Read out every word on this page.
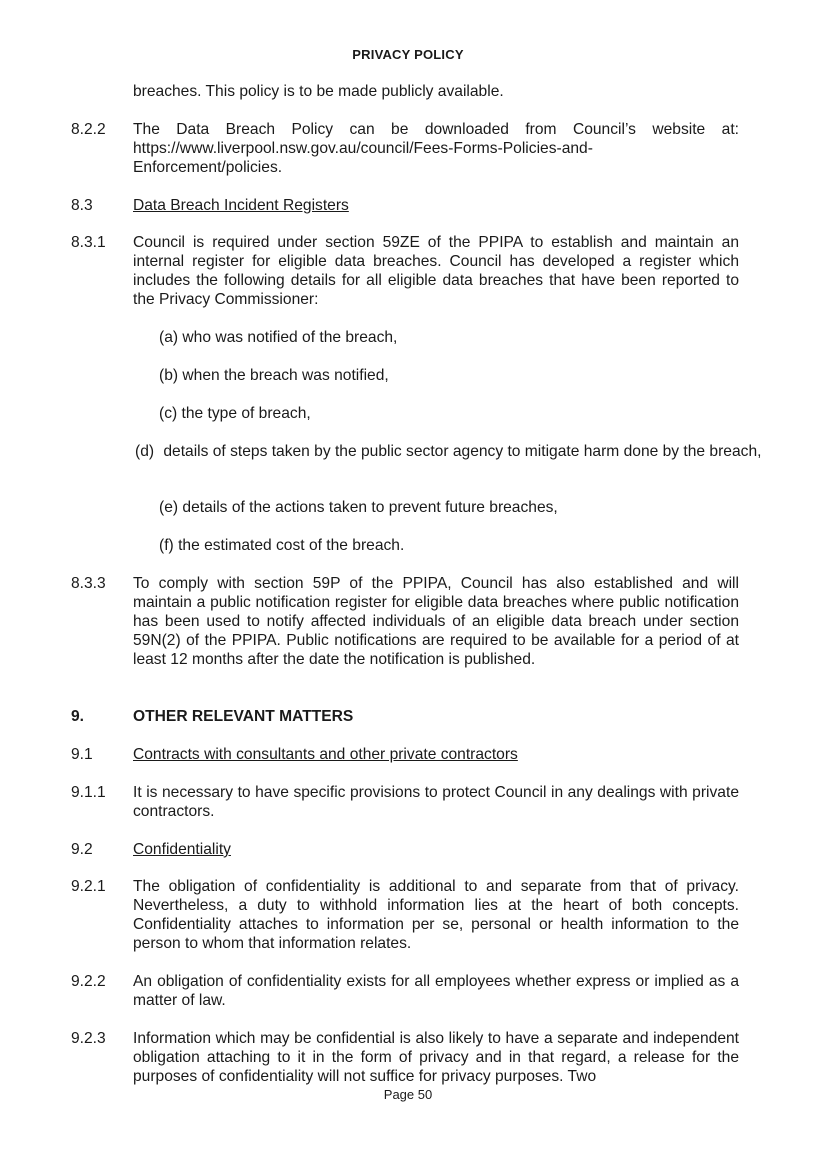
PRIVACY POLICY

breaches. This policy is to be made publicly available.

8.2.2 The Data Breach Policy can be downloaded from Council’s website at: https://www.liverpool.nsw.gov.au/council/Fees-Forms-Policies-and-Enforcement/policies.

8.3	Data Breach Incident Registers

8.3.1 Council is required under section 59ZE of the PPIPA to establish and maintain an internal register for eligible data breaches. Council has developed a register which includes the following details for all eligible data breaches that have been reported to the Privacy Commissioner:

(a) who was notified of the breach,

(b) when the breach was notified,

(c) the type of breach,

(d) details of steps taken by the public sector agency to mitigate harm done by the breach,

(e) details of the actions taken to prevent future breaches,

(f) the estimated cost of the breach.

8.3.3 To comply with section 59P of the PPIPA, Council has also established and will maintain a public notification register for eligible data breaches where public notification has been used to notify affected individuals of an eligible data breach under section 59N(2) of the PPIPA. Public notifications are required to be available for a period of at least 12 months after the date the notification is published.

9.	OTHER RELEVANT MATTERS

9.1	Contracts with consultants and other private contractors

9.1.1 It is necessary to have specific provisions to protect Council in any dealings with private contractors.

9.2	Confidentiality

9.2.1 The obligation of confidentiality is additional to and separate from that of privacy. Nevertheless, a duty to withhold information lies at the heart of both concepts. Confidentiality attaches to information per se, personal or health information to the person to whom that information relates.

9.2.2 An obligation of confidentiality exists for all employees whether express or implied as a matter of law.

9.2.3 Information which may be confidential is also likely to have a separate and independent obligation attaching to it in the form of privacy and in that regard, a release for the purposes of confidentiality will not suffice for privacy purposes. Two

Page 50
